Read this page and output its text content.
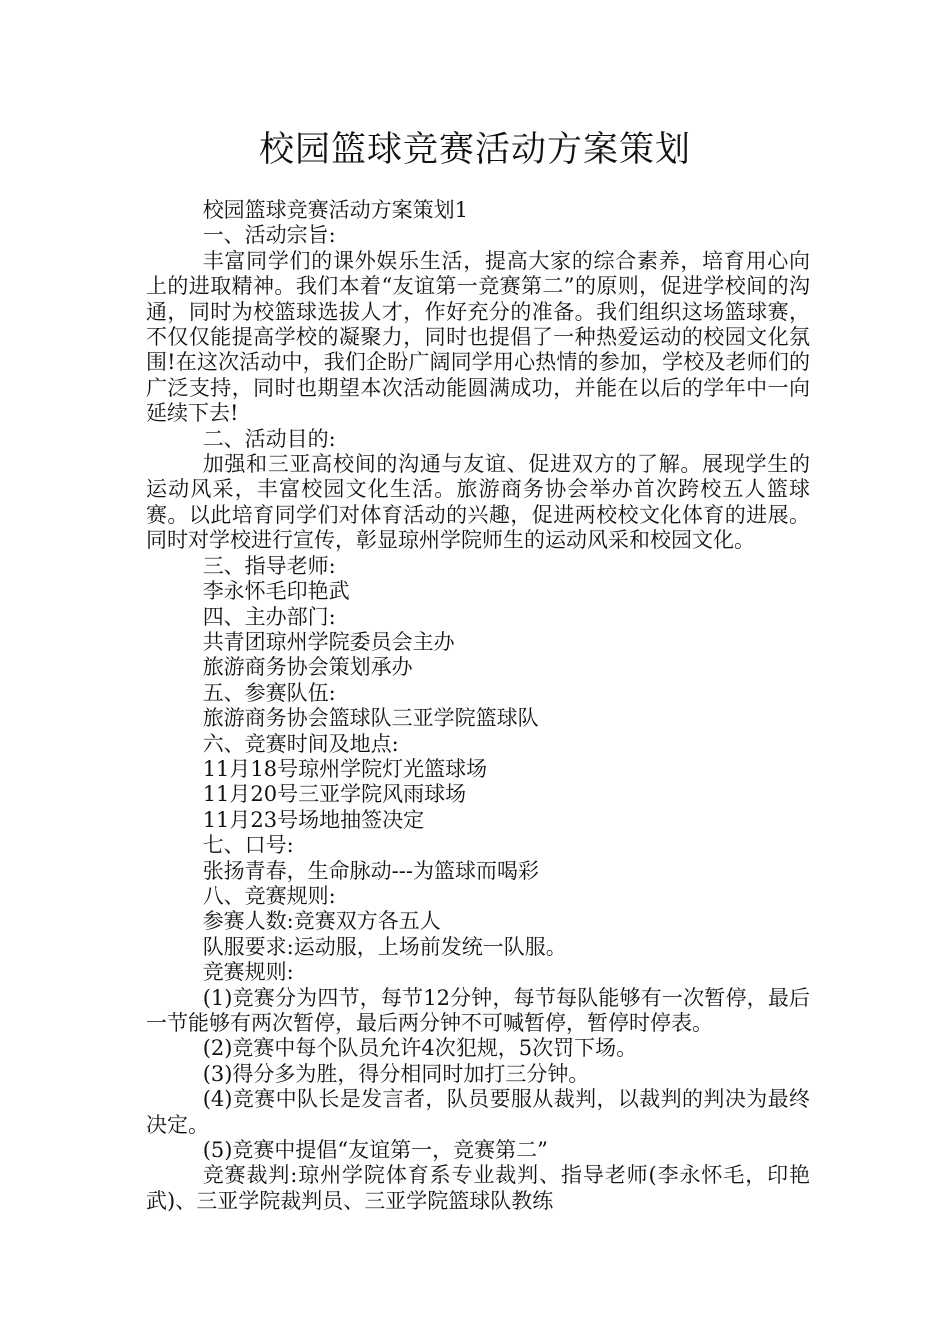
校园篮球竞赛活动方案策划

校园篮球竞赛活动方案策划1

一、活动宗旨:

丰富同学们的课外娱乐生活，提高大家的综合素养，培育用心向上的进取精神。我们本着“友谊第一竞赛第二”的原则，促进学校间的沟通，同时为校篮球选拔人才，作好充分的准备。我们组织这场篮球赛，不仅仅能提高学校的凝聚力，同时也提倡了一种热爱运动的校园文化氛围!在这次活动中，我们企盼广阔同学用心热情的参加，学校及老师们的广泛支持，同时也期望本次活动能圆满成功，并能在以后的学年中一向延续下去!

二、活动目的:

加强和三亚高校间的沟通与友谊、促进双方的了解。展现学生的运动风采，丰富校园文化生活。旅游商务协会举办首次跨校五人篮球赛。以此培育同学们对体育活动的兴趣，促进两校校文化体育的进展。同时对学校进行宣传，彰显琼州学院师生的运动风采和校园文化。

三、指导老师:

李永怀毛印艳武

四、主办部门:

共青团琼州学院委员会主办

旅游商务协会策划承办

五、参赛队伍:

旅游商务协会篮球队三亚学院篮球队

六、竞赛时间及地点:

11月18号琼州学院灯光篮球场

11月20号三亚学院风雨球场

11月23号场地抽签决定

七、口号:

张扬青春，生命脉动---为篮球而喝彩

八、竞赛规则:

参赛人数:竞赛双方各五人

队服要求:运动服，上场前发统一队服。

竞赛规则:

(1)竞赛分为四节，每节12分钟，每节每队能够有一次暂停，最后一节能够有两次暂停，最后两分钟不可喊暂停，暂停时停表。

(2)竞赛中每个队员允许4次犯规，5次罚下场。

(3)得分多为胜，得分相同时加打三分钟。

(4)竞赛中队长是发言者，队员要服从裁判，以裁判的判决为最终决定。

(5)竞赛中提倡“友谊第一，竞赛第二”

竞赛裁判:琼州学院体育系专业裁判、指导老师(李永怀毛，印艳武)、三亚学院裁判员、三亚学院篮球队教练
